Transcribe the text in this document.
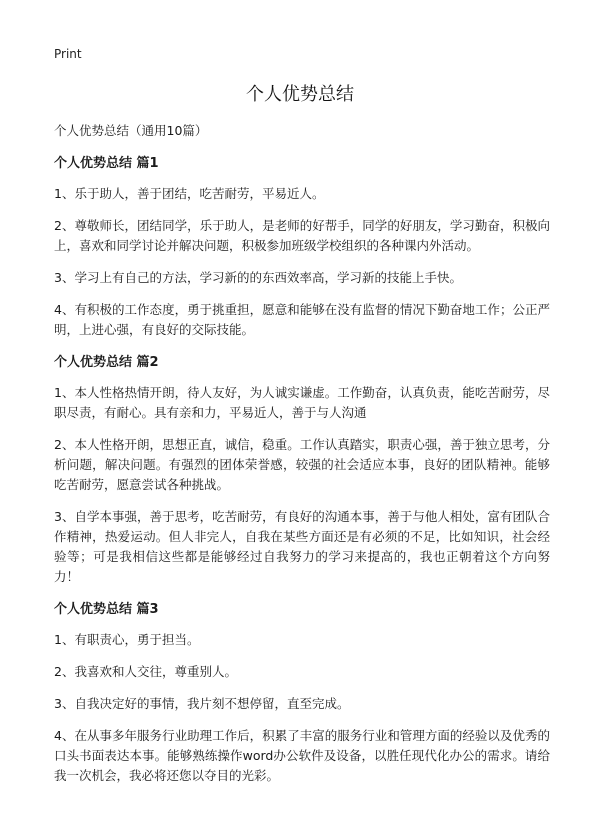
Print
个人优势总结

个人优势总结（通用10篇）

个人优势总结 篇1

1、乐于助人，善于团结，吃苦耐劳，平易近人。

2、尊敬师长，团结同学，乐于助人，是老师的好帮手，同学的好朋友，学习勤奋，积极向上，喜欢和同学讨论并解决问题，积极参加班级学校组织的各种课内外活动。

3、学习上有自己的方法，学习新的的东西效率高，学习新的技能上手快。

4、有积极的工作态度，勇于挑重担，愿意和能够在没有监督的情况下勤奋地工作；公正严明，上进心强，有良好的交际技能。

个人优势总结 篇2

1、本人性格热情开朗，待人友好，为人诚实谦虚。工作勤奋，认真负责，能吃苦耐劳，尽职尽责，有耐心。具有亲和力，平易近人，善于与人沟通

2、本人性格开朗，思想正直，诚信，稳重。工作认真踏实，职责心强，善于独立思考，分析问题，解决问题。有强烈的团体荣誉感，较强的社会适应本事，良好的团队精神。能够吃苦耐劳，愿意尝试各种挑战。

3、自学本事强，善于思考，吃苦耐劳，有良好的沟通本事，善于与他人相处，富有团队合作精神，热爱运动。但人非完人，自我在某些方面还是有必须的不足，比如知识，社会经验等；可是我相信这些都是能够经过自我努力的学习来提高的，我也正朝着这个方向努力！

个人优势总结 篇3

1、有职责心，勇于担当。

2、我喜欢和人交往，尊重别人。

3、自我决定好的事情，我片刻不想停留，直至完成。

4、在从事多年服务行业助理工作后，积累了丰富的服务行业和管理方面的经验以及优秀的口头书面表达本事。能够熟练操作word办公软件及设备，以胜任现代化办公的需求。请给我一次机会，我必将还您以夺目的光彩。
